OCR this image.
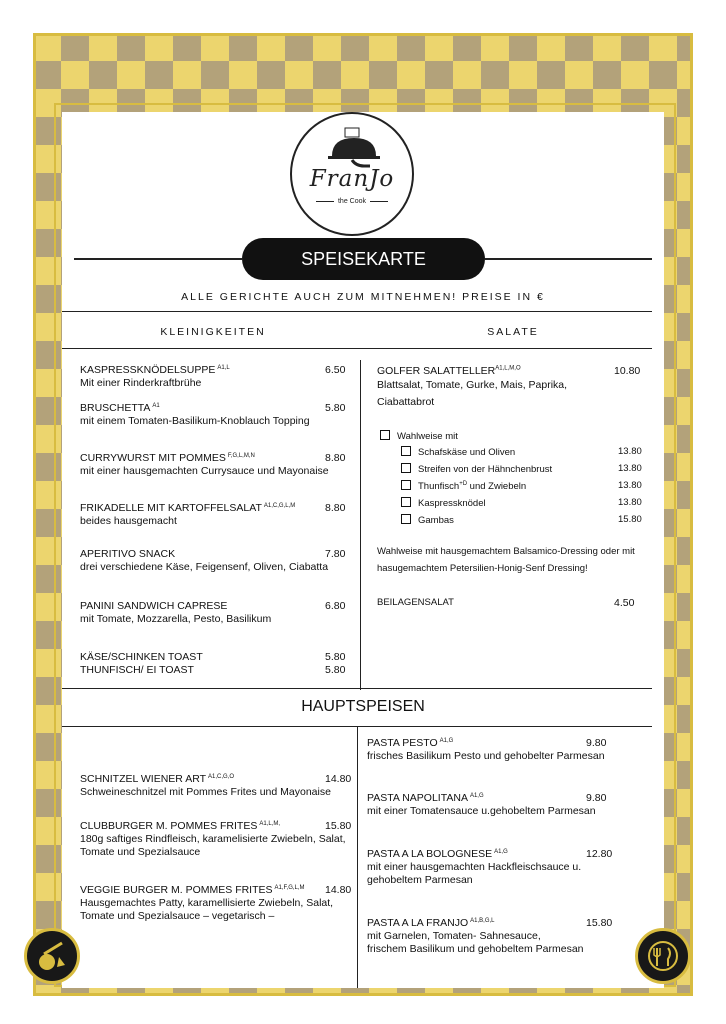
FranJo
the Cook
SPEISEKARTE
ALLE GERICHTE AUCH ZUM MITNEHMEN! PREISE IN €
KLEINIGKEITEN	SALATE
KASPRESSKNÖDELSUPPE $^{A1,L}$	6.50
Mit einer Rinderkraftbrühe
BRUSCHETTA $^{A1}$	5.80
mit einem Tomaten-Basilikum-Knoblauch Topping
CURRYWURST MIT POMMES $^{F,G,L,M,N}$	8.80
mit einer hausgemachten Currysauce und Mayonaise
FRIKADELLE MIT KARTOFFELSALAT $^{A1,C,G,L,M}$	8.80
beides hausgemacht
APERITIVO SNACK	7.80
drei verschiedene Käse, Feigensenf, Oliven, Ciabatta
PANINI SANDWICH CAPRESE	6.80
mit Tomate, Mozzarella, Pesto, Basilikum
KÄSE/SCHINKEN TOAST	5.80
THUNFISCH/ EI TOAST	5.80
GOLFER $SALATTELLER^{A1,L,M,O}$	10.80
Blattsalat, Tomate, Gurke, Mais, Paprika,
Ciabattabrot
Wahlweise mit
Schafskäse und Oliven	13.80
Streifen von der Hähnchenbrust	13.80
Thunfisch$^{+D}$ und Zwiebeln	13.80
Kaspressknödel	13.80
Gambas	15.80
Wahlweise mit hausgemachtem Balsamico-Dressing oder mit
hasugemachtem Petersilien-Honig-Senf Dressing!
BEILAGENSALAT	4.50
HAUPTSPEISEN
SCHNITZEL WIENER ART $^{A1,C,G,O}$	14.80
Schweineschnitzel mit Pommes Frites und Mayonaise
CLUBBURGER M. POMMES FRITES $^{A1,L,M,}$	15.80
180g saftiges Rindfleisch, karamelisierte Zwiebeln, Salat,
Tomate und Spezialsauce
VEGGIE BURGER M. POMMES FRITES $^{A1,F,G,L,M}$ 14.80
Hausgemachtes Patty, karamellisierte Zwiebeln, Salat,
Tomate und Spezialsauce – vegetarisch –
PASTA PESTO $^{A1,G}$	9.80
frisches Basilikum Pesto und gehobelter Parmesan
PASTA NAPOLITANA $^{A1,G}$	9.80
mit einer Tomatensauce u.gehobeltem Parmesan
PASTA A LA BOLOGNESE $^{A1,G}$	12.80
mit einer hausgemachten Hackfleischsauce u.
gehobeltem Parmesan
PASTA A LA FRANJO $^{A1,B,G,L}$	15.80
mit Garnelen, Tomaten- Sahnesauce,
frischem Basilikum und gehobeltem Parmesan
